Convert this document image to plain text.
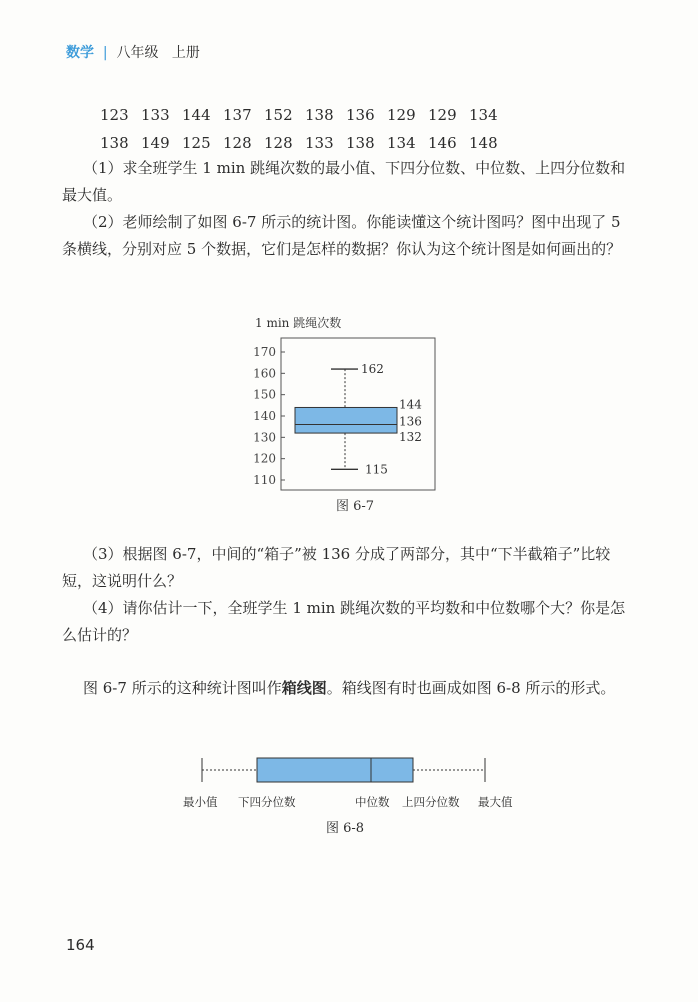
数学 | 八年级 上册
123 133 144 137 152 138 136 129 129 134
138 149 125 128 128 133 138 134 146 148
（1）求全班学生 1 min 跳绳次数的最小值、下四分位数、中位数、上四分位数和最大值。
（2）老师绘制了如图 6-7 所示的统计图。你能读懂这个统计图吗？图中出现了 5 条横线，分别对应 5 个数据，它们是怎样的数据？你认为这个统计图是如何画出的？
1 min 跳绳次数
110
120
130
140
150
160
170
162
144
136
132
115
图 6-7
（3）根据图 6-7，中间的“箱子”被 136 分成了两部分，其中“下半截箱子”比较短，这说明什么？
（4）请你估计一下，全班学生 1 min 跳绳次数的平均数和中位数哪个大？你是怎么估计的？
图 6-7 所示的这种统计图叫作箱线图。箱线图有时也画成如图 6-8 所示的形式。
最小值 下四分位数	中位数 上四分位数 最大值
图 6-8
164
